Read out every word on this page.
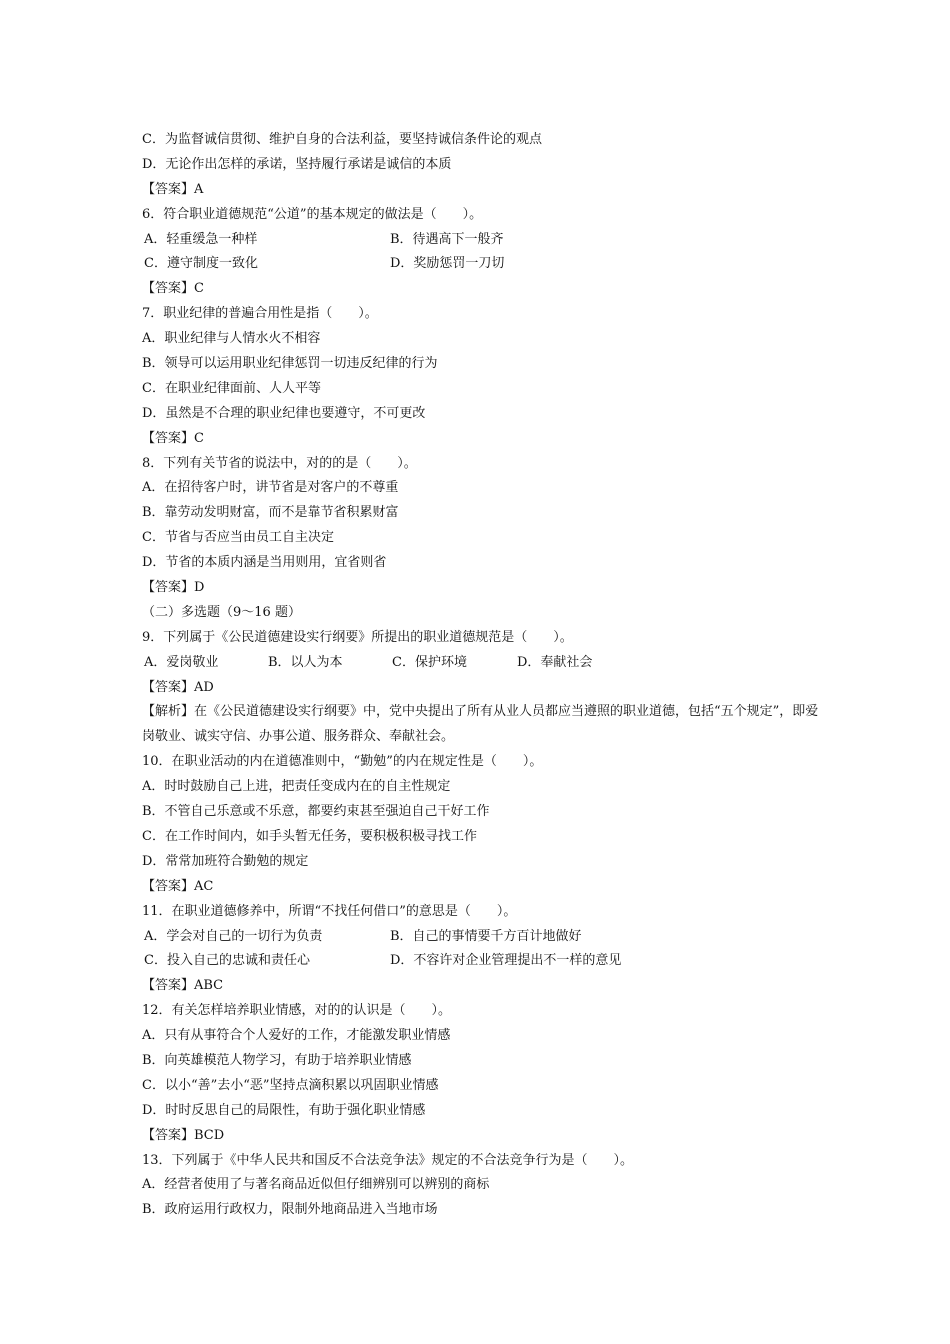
C．为监督诚信贯彻、维护自身的合法利益，要坚持诚信条件论的观点
D．无论作出怎样的承诺，坚持履行承诺是诚信的本质
【答案】A
6．符合职业道德规范“公道”的基本规定的做法是（　　）。
A．轻重缓急一种样	B．待遇高下一般齐
C．遵守制度一致化	D．奖励惩罚一刀切
【答案】C
7．职业纪律的普遍合用性是指（　　）。
A．职业纪律与人情水火不相容
B．领导可以运用职业纪律惩罚一切违反纪律的行为
C．在职业纪律面前、人人平等
D．虽然是不合理的职业纪律也要遵守，不可更改
【答案】C
8．下列有关节省的说法中，对的的是（　　）。
A．在招待客户时，讲节省是对客户的不尊重
B．靠劳动发明财富，而不是靠节省积累财富
C．节省与否应当由员工自主决定
D．节省的本质内涵是当用则用，宜省则省
【答案】D
（二）多选题（9～16 题）
9．下列属于《公民道德建设实行纲要》所提出的职业道德规范是（　　）。
A．爱岗敬业	B．以人为本	C．保护环境	D．奉献社会
【答案】AD
【解析】在《公民道德建设实行纲要》中，党中央提出了所有从业人员都应当遵照的职业道德，包括“五个规定”，即爱岗敬业、诚实守信、办事公道、服务群众、奉献社会。
10．在职业活动的内在道德准则中，“勤勉”的内在规定性是（　　）。
A．时时鼓励自己上进，把责任变成内在的自主性规定
B．不管自己乐意或不乐意，都要约束甚至强迫自己干好工作
C．在工作时间内，如手头暂无任务，要积极积极寻找工作
D．常常加班符合勤勉的规定
【答案】AC
11．在职业道德修养中，所谓“不找任何借口”的意思是（　　）。
A．学会对自己的一切行为负责	B．自己的事情要千方百计地做好
C．投入自己的忠诚和责任心	D．不容许对企业管理提出不一样的意见
【答案】ABC
12．有关怎样培养职业情感，对的的认识是（　　）。
A．只有从事符合个人爱好的工作，才能激发职业情感
B．向英雄模范人物学习，有助于培养职业情感
C．以小“善”去小“恶”坚持点滴积累以巩固职业情感
D．时时反思自己的局限性，有助于强化职业情感
【答案】BCD
13．下列属于《中华人民共和国反不合法竞争法》规定的不合法竞争行为是（　　）。
A．经营者使用了与著名商品近似但仔细辨别可以辨别的商标
B．政府运用行政权力，限制外地商品进入当地市场
